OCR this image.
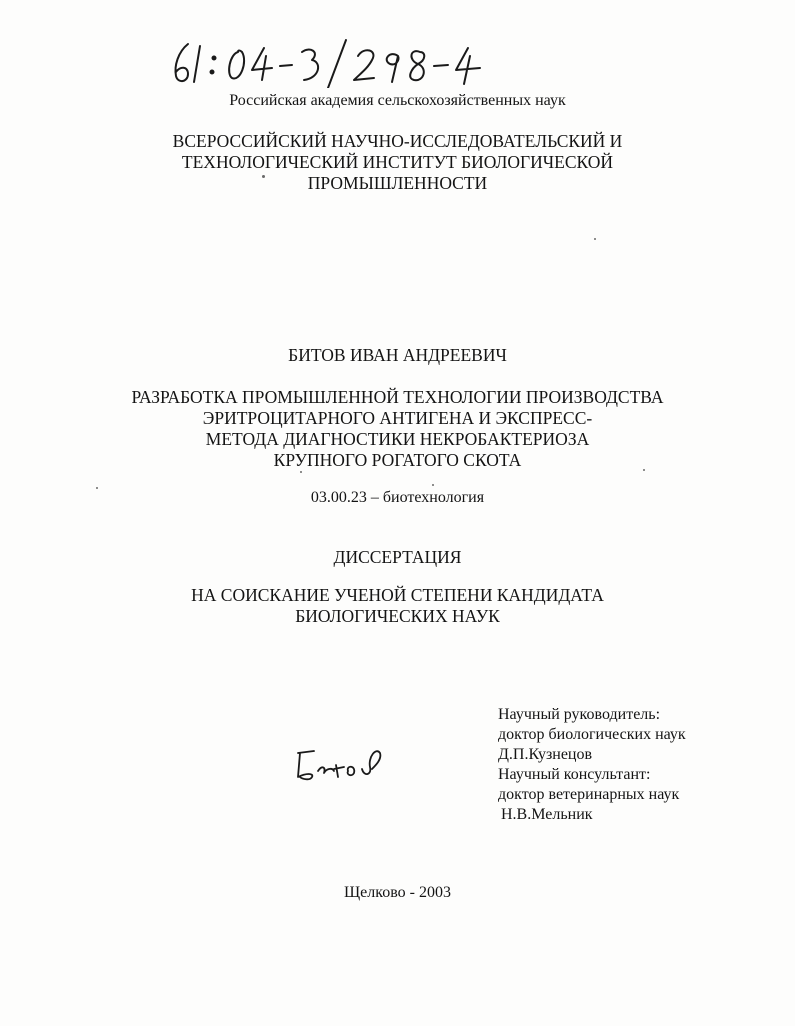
Российская академия сельскохозяйственных наук
ВСЕРОССИЙСКИЙ НАУЧНО-ИССЛЕДОВАТЕЛЬСКИЙ И
ТЕХНОЛОГИЧЕСКИЙ ИНСТИТУТ БИОЛОГИЧЕСКОЙ
ПРОМЫШЛЕННОСТИ
БИТОВ ИВАН АНДРЕЕВИЧ
РАЗРАБОТКА ПРОМЫШЛЕННОЙ ТЕХНОЛОГИИ ПРОИЗВОДСТВА
ЭРИТРОЦИТАРНОГО АНТИГЕНА И ЭКСПРЕСС-
МЕТОДА ДИАГНОСТИКИ НЕКРОБАКТЕРИОЗА
КРУПНОГО РОГАТОГО СКОТА
03.00.23 – биотехнология
ДИССЕРТАЦИЯ
НА СОИСКАНИЕ УЧЕНОЙ СТЕПЕНИ КАНДИДАТА
БИОЛОГИЧЕСКИХ НАУК
Научный руководитель:
доктор биологических наук
Д.П.Кузнецов
Научный консультант:
доктор ветеринарных наук
Н.В.Мельник
Щелково - 2003
